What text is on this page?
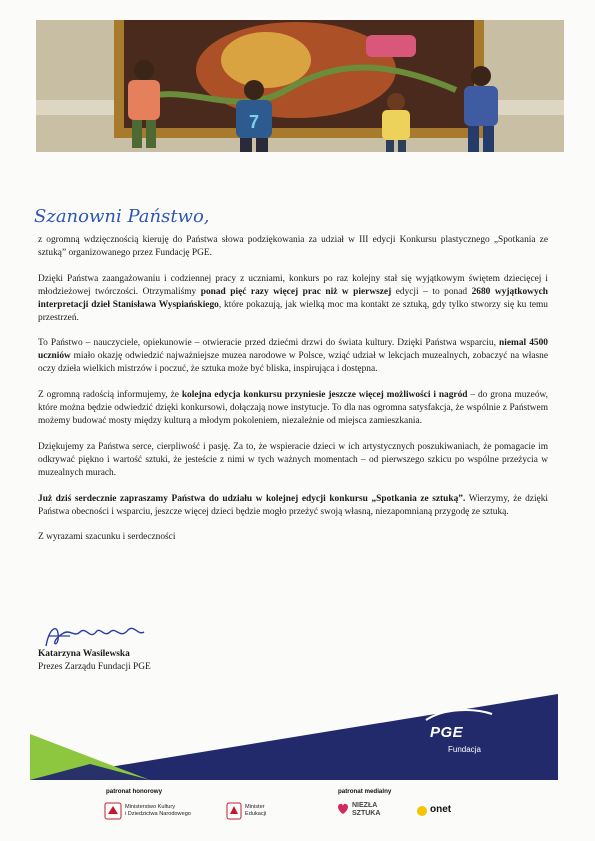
7
Szanowni Państwo,

z ogromną wdzięcznością kieruję do Państwa słowa podziękowania za udział w III edycji Konkursu plastycznego „Spotkania ze sztuką” organizowanego przez Fundację PGE.

Dzięki Państwa zaangażowaniu i codziennej pracy z uczniami, konkurs po raz kolejny stał się wyjątkowym świętem dziecięcej i młodzieżowej twórczości. Otrzymaliśmy ponad pięć razy więcej prac niż w pierwszej edycji – to ponad 2680 wyjątkowych interpretacji dzieł Stanisława Wyspiańskiego, które pokazują, jak wielką moc ma kontakt ze sztuką, gdy tylko stworzy się ku temu przestrzeń.

To Państwo – nauczyciele, opiekunowie – otwieracie przed dziećmi drzwi do świata kultury. Dzięki Państwa wsparciu, niemal 4500 uczniów miało okazję odwiedzić najważniejsze muzea narodowe w Polsce, wziąć udział w lekcjach muzealnych, zobaczyć na własne oczy dzieła wielkich mistrzów i poczuć, że sztuka może być bliska, inspirująca i dostępna.

Z ogromną radością informujemy, że kolejna edycja konkursu przyniesie jeszcze więcej możliwości i nagród – do grona muzeów, które można będzie odwiedzić dzięki konkursowi, dołączają nowe instytucje. To dla nas ogromna satysfakcja, że wspólnie z Państwem możemy budować mosty między kulturą a młodym pokoleniem, niezależnie od miejsca zamieszkania.

Dziękujemy za Państwa serce, cierpliwość i pasję. Za to, że wspieracie dzieci w ich artystycznych poszukiwaniach, że pomagacie im odkrywać piękno i wartość sztuki, że jesteście z nimi w tych ważnych momentach – od pierwszego szkicu po wspólne przeżycia w muzealnych murach.

Już dziś serdecznie zapraszamy Państwa do udziału w kolejnej edycji konkursu „Spotkania ze sztuką”. Wierzymy, że dzięki Państwa obecności i wsparciu, jeszcze więcej dzieci będzie mogło przeżyć swoją własną, niezapomnianą przygodę ze sztuką.

Z wyrazami szacunku i serdeczności

Katarzyna Wasilewska
Prezes Zarządu Fundacji PGE
PGE
Fundacja
patronat honorowy	patronat medialny
Ministerstwo Kultury
i Dziedzictwa Narodowego
Minister
Edukacji
NIEZŁA
SZTUKA	onet
